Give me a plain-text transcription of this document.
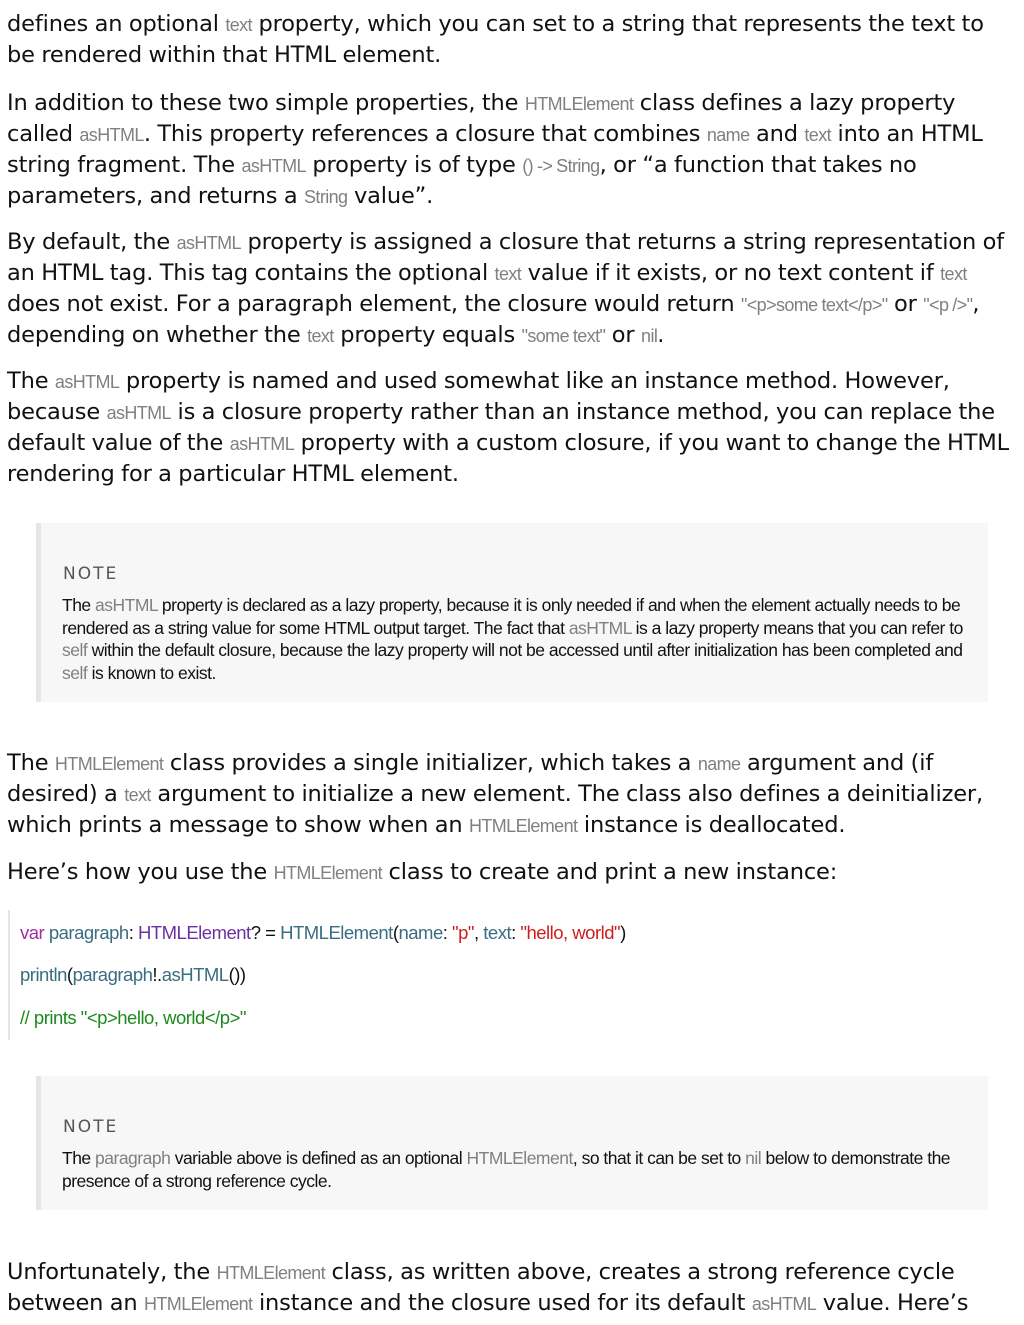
defines an optional text property, which you can set to a string that represents the text to be rendered within that HTML element.

In addition to these two simple properties, the HTMLElement class defines a lazy property called asHTML. This property references a closure that combines name and text into an HTML string fragment. The asHTML property is of type () -> String, or “a function that takes no parameters, and returns a String value”.

By default, the asHTML property is assigned a closure that returns a string representation of an HTML tag. This tag contains the optional text value if it exists, or no text content if text does not exist. For a paragraph element, the closure would return "<p>some text</p>" or "<p />", depending on whether the text property equals "some text" or nil.

The asHTML property is named and used somewhat like an instance method. However, because asHTML is a closure property rather than an instance method, you can replace the default value of the asHTML property with a custom closure, if you want to change the HTML rendering for a particular HTML element.

NOTE

The asHTML property is declared as a lazy property, because it is only needed if and when the element actually needs to be rendered as a string value for some HTML output target. The fact that asHTML is a lazy property means that you can refer to self within the default closure, because the lazy property will not be accessed until after initialization has been completed and self is known to exist.

The HTMLElement class provides a single initializer, which takes a name argument and (if desired) a text argument to initialize a new element. The class also defines a deinitializer, which prints a message to show when an HTMLElement instance is deallocated.

Here’s how you use the HTMLElement class to create and print a new instance:

var paragraph: HTMLElement? = HTMLElement(name: "p", text: "hello, world")
println(paragraph!.asHTML())
// prints "<p>hello, world</p>"
NOTE

The paragraph variable above is defined as an optional HTMLElement, so that it can be set to nil below to demonstrate the presence of a strong reference cycle.

Unfortunately, the HTMLElement class, as written above, creates a strong reference cycle between an HTMLElement instance and the closure used for its default asHTML value. Here’s
